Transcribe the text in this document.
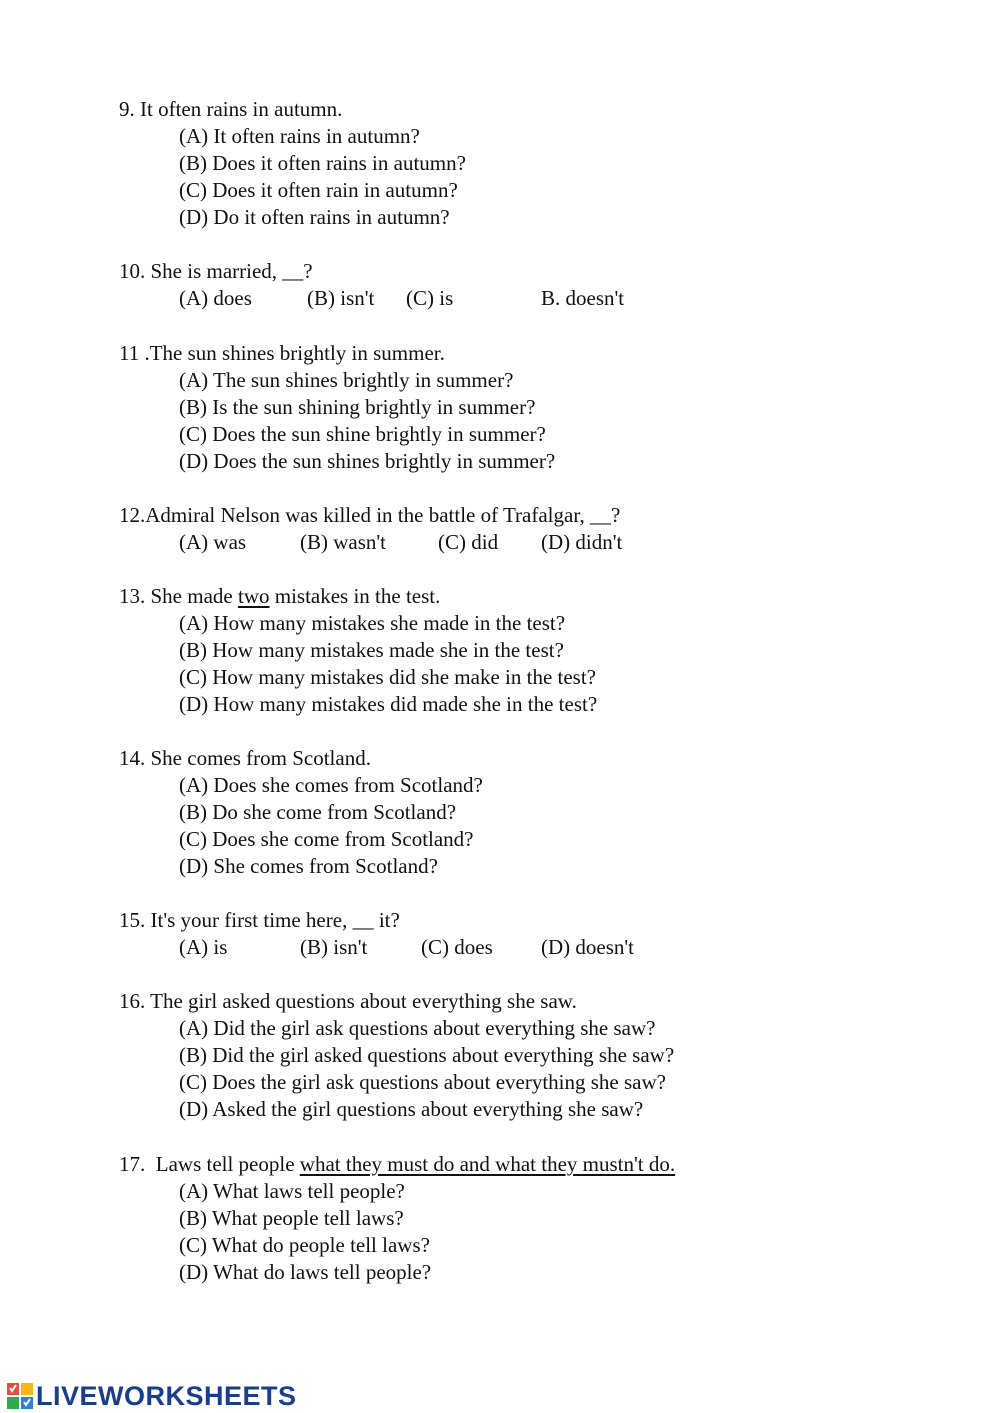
9. It often rains in autumn.

(A) It often rains in autumn?

(B) Does it often rains in autumn?

(C) Does it often rain in autumn?

(D) Do it often rains in autumn?

10. She is married, __?

(A) does	(B) isn't (C) is	B. doesn't

11 .The sun shines brightly in summer.

(A) The sun shines brightly in summer?

(B) Is the sun shining brightly in summer?

(C) Does the sun shine brightly in summer?

(D) Does the sun shines brightly in summer?

12.Admiral Nelson was killed in the battle of Trafalgar, __?

(A) was	(B) wasn't (C) did (D) didn't

13. She made two mistakes in the test.

(A) How many mistakes she made in the test?

(B) How many mistakes made she in the test?

(C) How many mistakes did she make in the test?

(D) How many mistakes did made she in the test?

14. She comes from Scotland.

(A) Does she comes from Scotland?

(B) Do she come from Scotland?

(C) Does she come from Scotland?

(D) She comes from Scotland?

15. It's your first time here, __ it?

(A) is	(B) isn't	(C) does (D) doesn't

16. The girl asked questions about everything she saw.

(A) Did the girl ask questions about everything she saw?

(B) Did the girl asked questions about everything she saw?

(C) Does the girl ask questions about everything she saw?

(D) Asked the girl questions about everything she saw?

17.  Laws tell people what they must do and what they mustn't do.

(A) What laws tell people?

(B) What people tell laws?

(C) What do people tell laws?

(D) What do laws tell people?

LIVEWORKSHEETS
